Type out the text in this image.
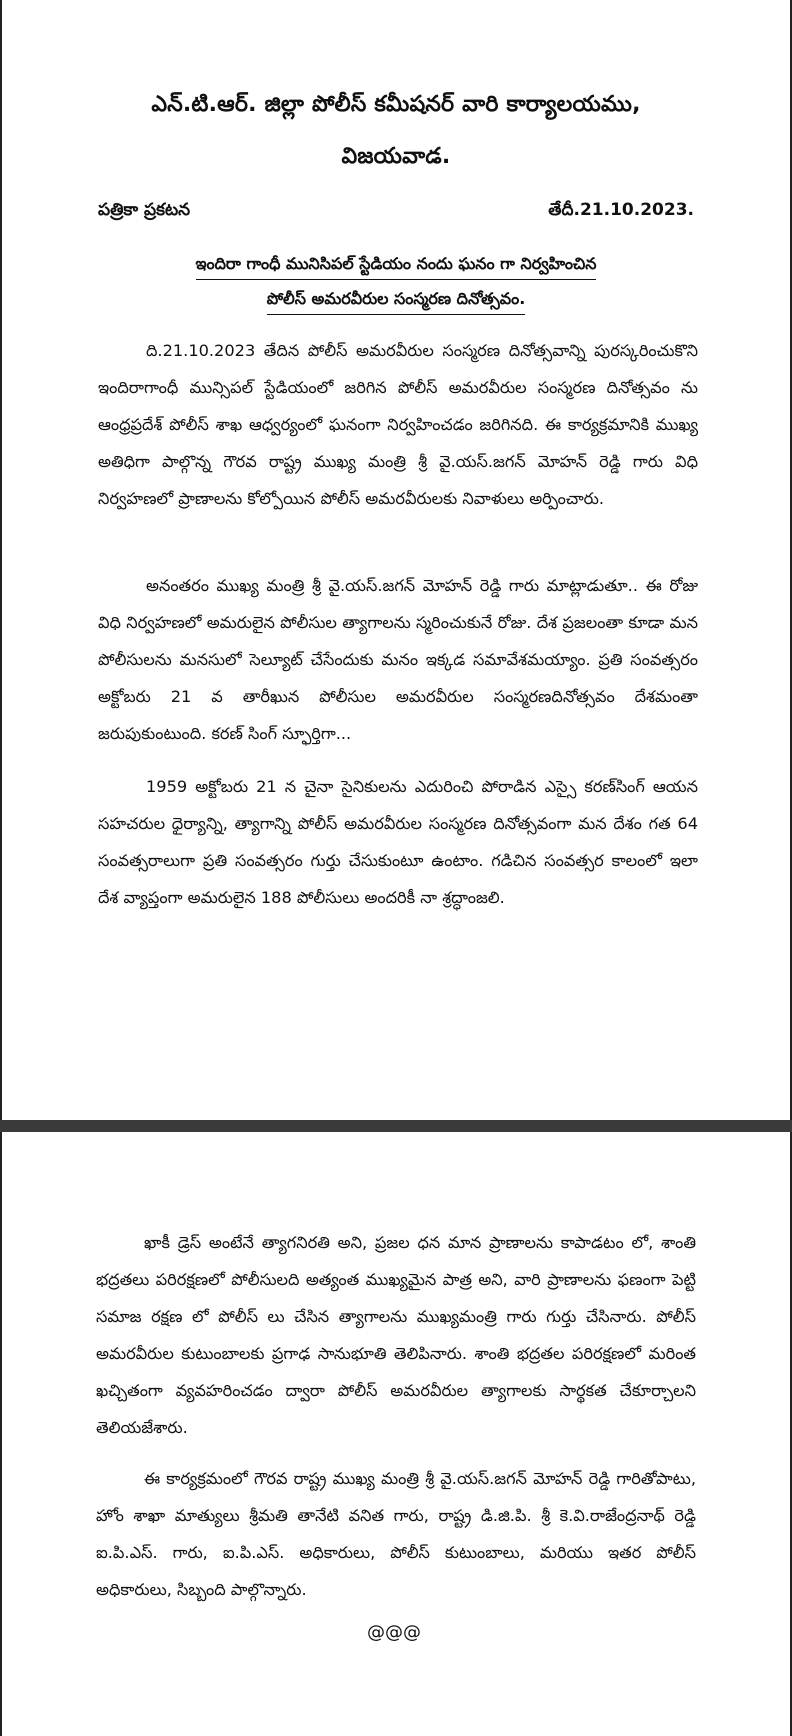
ఎన్.టి.ఆర్. జిల్లా పోలీస్ కమీషనర్ వారి కార్యాలయము,
విజయవాడ.
పత్రికా ప్రకటన	తేదీ.21.10.2023.
ఇందిరా గాంధీ మునిసిపల్ స్టేడియం నందు ఘనం గా నిర్వహించిన
పోలీస్ అమరవీరుల సంస్మరణ దినోత్సవం.

ది.21.10.2023 తేదిన పోలీస్ అమరవీరుల సంస్మరణ దినోత్సవాన్ని పురస్కరించుకొని ఇందిరాగాంధీ మున్సిపల్ స్టేడియంలో జరిగిన పోలీస్ అమరవీరుల సంస్మరణ దినోత్సవం ను ఆంధ్రప్రదేశ్ పోలీస్ శాఖ ఆధ్వర్యంలో ఘనంగా నిర్వహించడం జరిగినది. ఈ కార్యక్రమానికి ముఖ్య అతిధిగా పాల్గొన్న గౌరవ రాష్ట్ర ముఖ్య మంత్రి శ్రీ వై.యస్.జగన్ మోహన్ రెడ్డి గారు విధి నిర్వహణలో ప్రాణాలను కోల్పోయిన పోలీస్ అమరవీరులకు నివాళులు అర్పించారు.

అనంతరం ముఖ్య మంత్రి శ్రీ వై.యస్.జగన్ మోహన్ రెడ్డి గారు మాట్లాడుతూ.. ఈ రోజు విధి నిర్వహణలో అమరులైన పోలీసుల త్యాగాలను స్మరించుకునే రోజు. దేశ ప్రజలంతా కూడా మన పోలీసులను మనసులో సెల్యూట్ చేసేందుకు మనం ఇక్కడ సమావేశమయ్యాం. ప్రతి సంవత్సరం అక్టోబరు 21 వ తారీఖున పోలీసుల అమరవీరుల సంస్మరణదినోత్సవం దేశమంతా జరుపుకుంటుంది. కరణ్ సింగ్ స్ఫూర్తిగా...

1959 అక్టోబరు 21 న చైనా సైనికులను ఎదురించి పోరాడిన ఎస్సై కరణ్‌సింగ్ ఆయన సహచరుల ధైర్యాన్ని, త్యాగాన్ని పోలీస్ అమరవీరుల సంస్మరణ దినోత్సవంగా మన దేశం గత 64 సంవత్సరాలుగా ప్రతి సంవత్సరం గుర్తు చేసుకుంటూ ఉంటాం. గడిచిన సంవత్సర కాలంలో ఇలా దేశ వ్యాప్తంగా అమరులైన 188 పోలీసులు అందరికీ నా శ్రద్ధాంజలి.

ఖాకీ డ్రెస్ అంటేనే త్యాగనిరతి అని, ప్రజల ధన మాన ప్రాణాలను కాపాడటం లో, శాంతి భద్రతలు పరిరక్షణలో పోలీసులది అత్యంత ముఖ్యమైన పాత్ర అని, వారి ప్రాణాలను ఫణంగా పెట్టి సమాజ రక్షణ లో పోలీస్ లు చేసిన త్యాగాలను ముఖ్యమంత్రి గారు గుర్తు చేసినారు. పోలీస్ అమరవీరుల కుటుంబాలకు ప్రగాఢ సానుభూతి తెలిపినారు. శాంతి భద్రతల పరిరక్షణలో మరింత ఖచ్చితంగా వ్యవహరించడం ద్వారా పోలీస్ అమరవీరుల త్యాగాలకు సార్థకత చేకూర్చాలని తెలియజేశారు.

ఈ కార్యక్రమంలో గౌరవ రాష్ట్ర ముఖ్య మంత్రి శ్రీ వై.యస్.జగన్ మోహన్ రెడ్డి గారితోపాటు, హోం శాఖా మాత్యులు శ్రీమతి తానేటి వనిత గారు, రాష్ట్ర డి.జి.పి. శ్రీ కె.వి.రాజేంద్రనాథ్ రెడ్డి ఐ.పి.ఎస్. గారు, ఐ.పి.ఎస్. అధికారులు, పోలీస్ కుటుంబాలు, మరియు ఇతర పోలీస్ అధికారులు, సిబ్బంది పాల్గొన్నారు.

@@@
